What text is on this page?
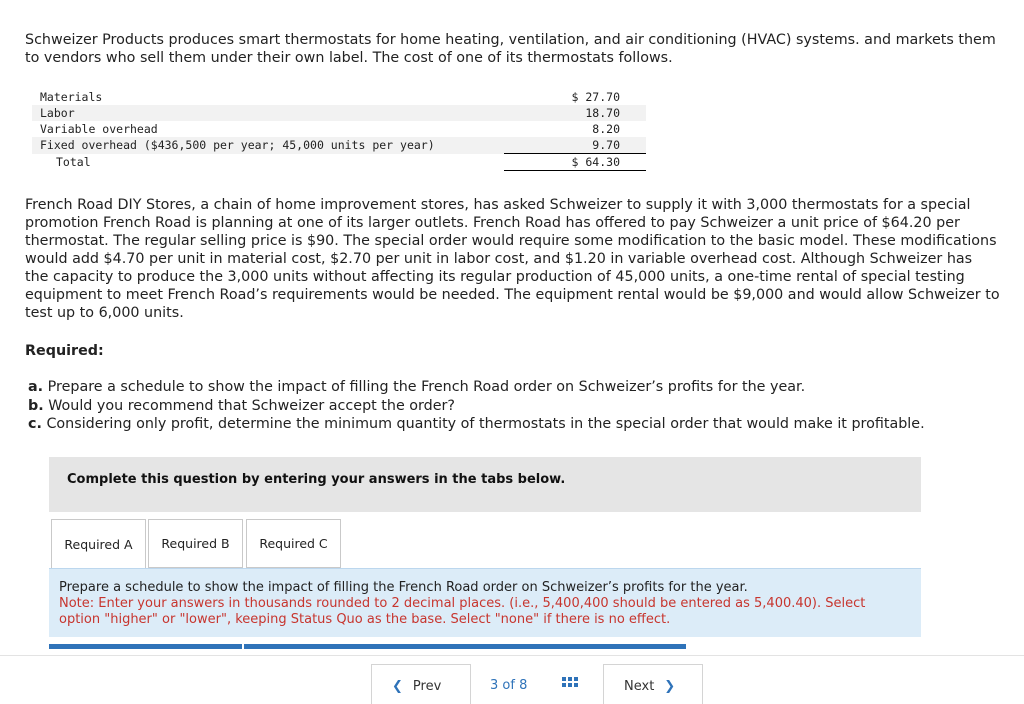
Schweizer Products produces smart thermostats for home heating, ventilation, and air conditioning (HVAC) systems. and markets them to vendors who sell them under their own label. The cost of one of its thermostats follows.

Materials	$ 27.70
Labor	18.70
Variable overhead	8.20
Fixed overhead ($436,500 per year; 45,000 units per year)	9.70
Total	$ 64.30

French Road DIY Stores, a chain of home improvement stores, has asked Schweizer to supply it with 3,000 thermostats for a special promotion French Road is planning at one of its larger outlets. French Road has offered to pay Schweizer a unit price of $64.20 per thermostat. The regular selling price is $90. The special order would require some modification to the basic model. These modifications would add $4.70 per unit in material cost, $2.70 per unit in labor cost, and $1.20 in variable overhead cost. Although Schweizer has the capacity to produce the 3,000 units without affecting its regular production of 45,000 units, a one-time rental of special testing equipment to meet French Road’s requirements would be needed. The equipment rental would be $9,000 and would allow Schweizer to test up to 6,000 units.

Required:

a. Prepare a schedule to show the impact of filling the French Road order on Schweizer’s profits for the year.
b. Would you recommend that Schweizer accept the order?
c. Considering only profit, determine the minimum quantity of thermostats in the special order that would make it profitable.
Complete this question by entering your answers in the tabs below.
Required A	Required B	Required C
Prepare a schedule to show the impact of filling the French Road order on Schweizer’s profits for the year.
Note: Enter your answers in thousands rounded to 2 decimal places. (i.e., 5,400,400 should be entered as 5,400.40). Select option "higher" or "lower", keeping Status Quo as the base. Select "none" if there is no effect.
❮ Prev	3 of 8	Next ❯
